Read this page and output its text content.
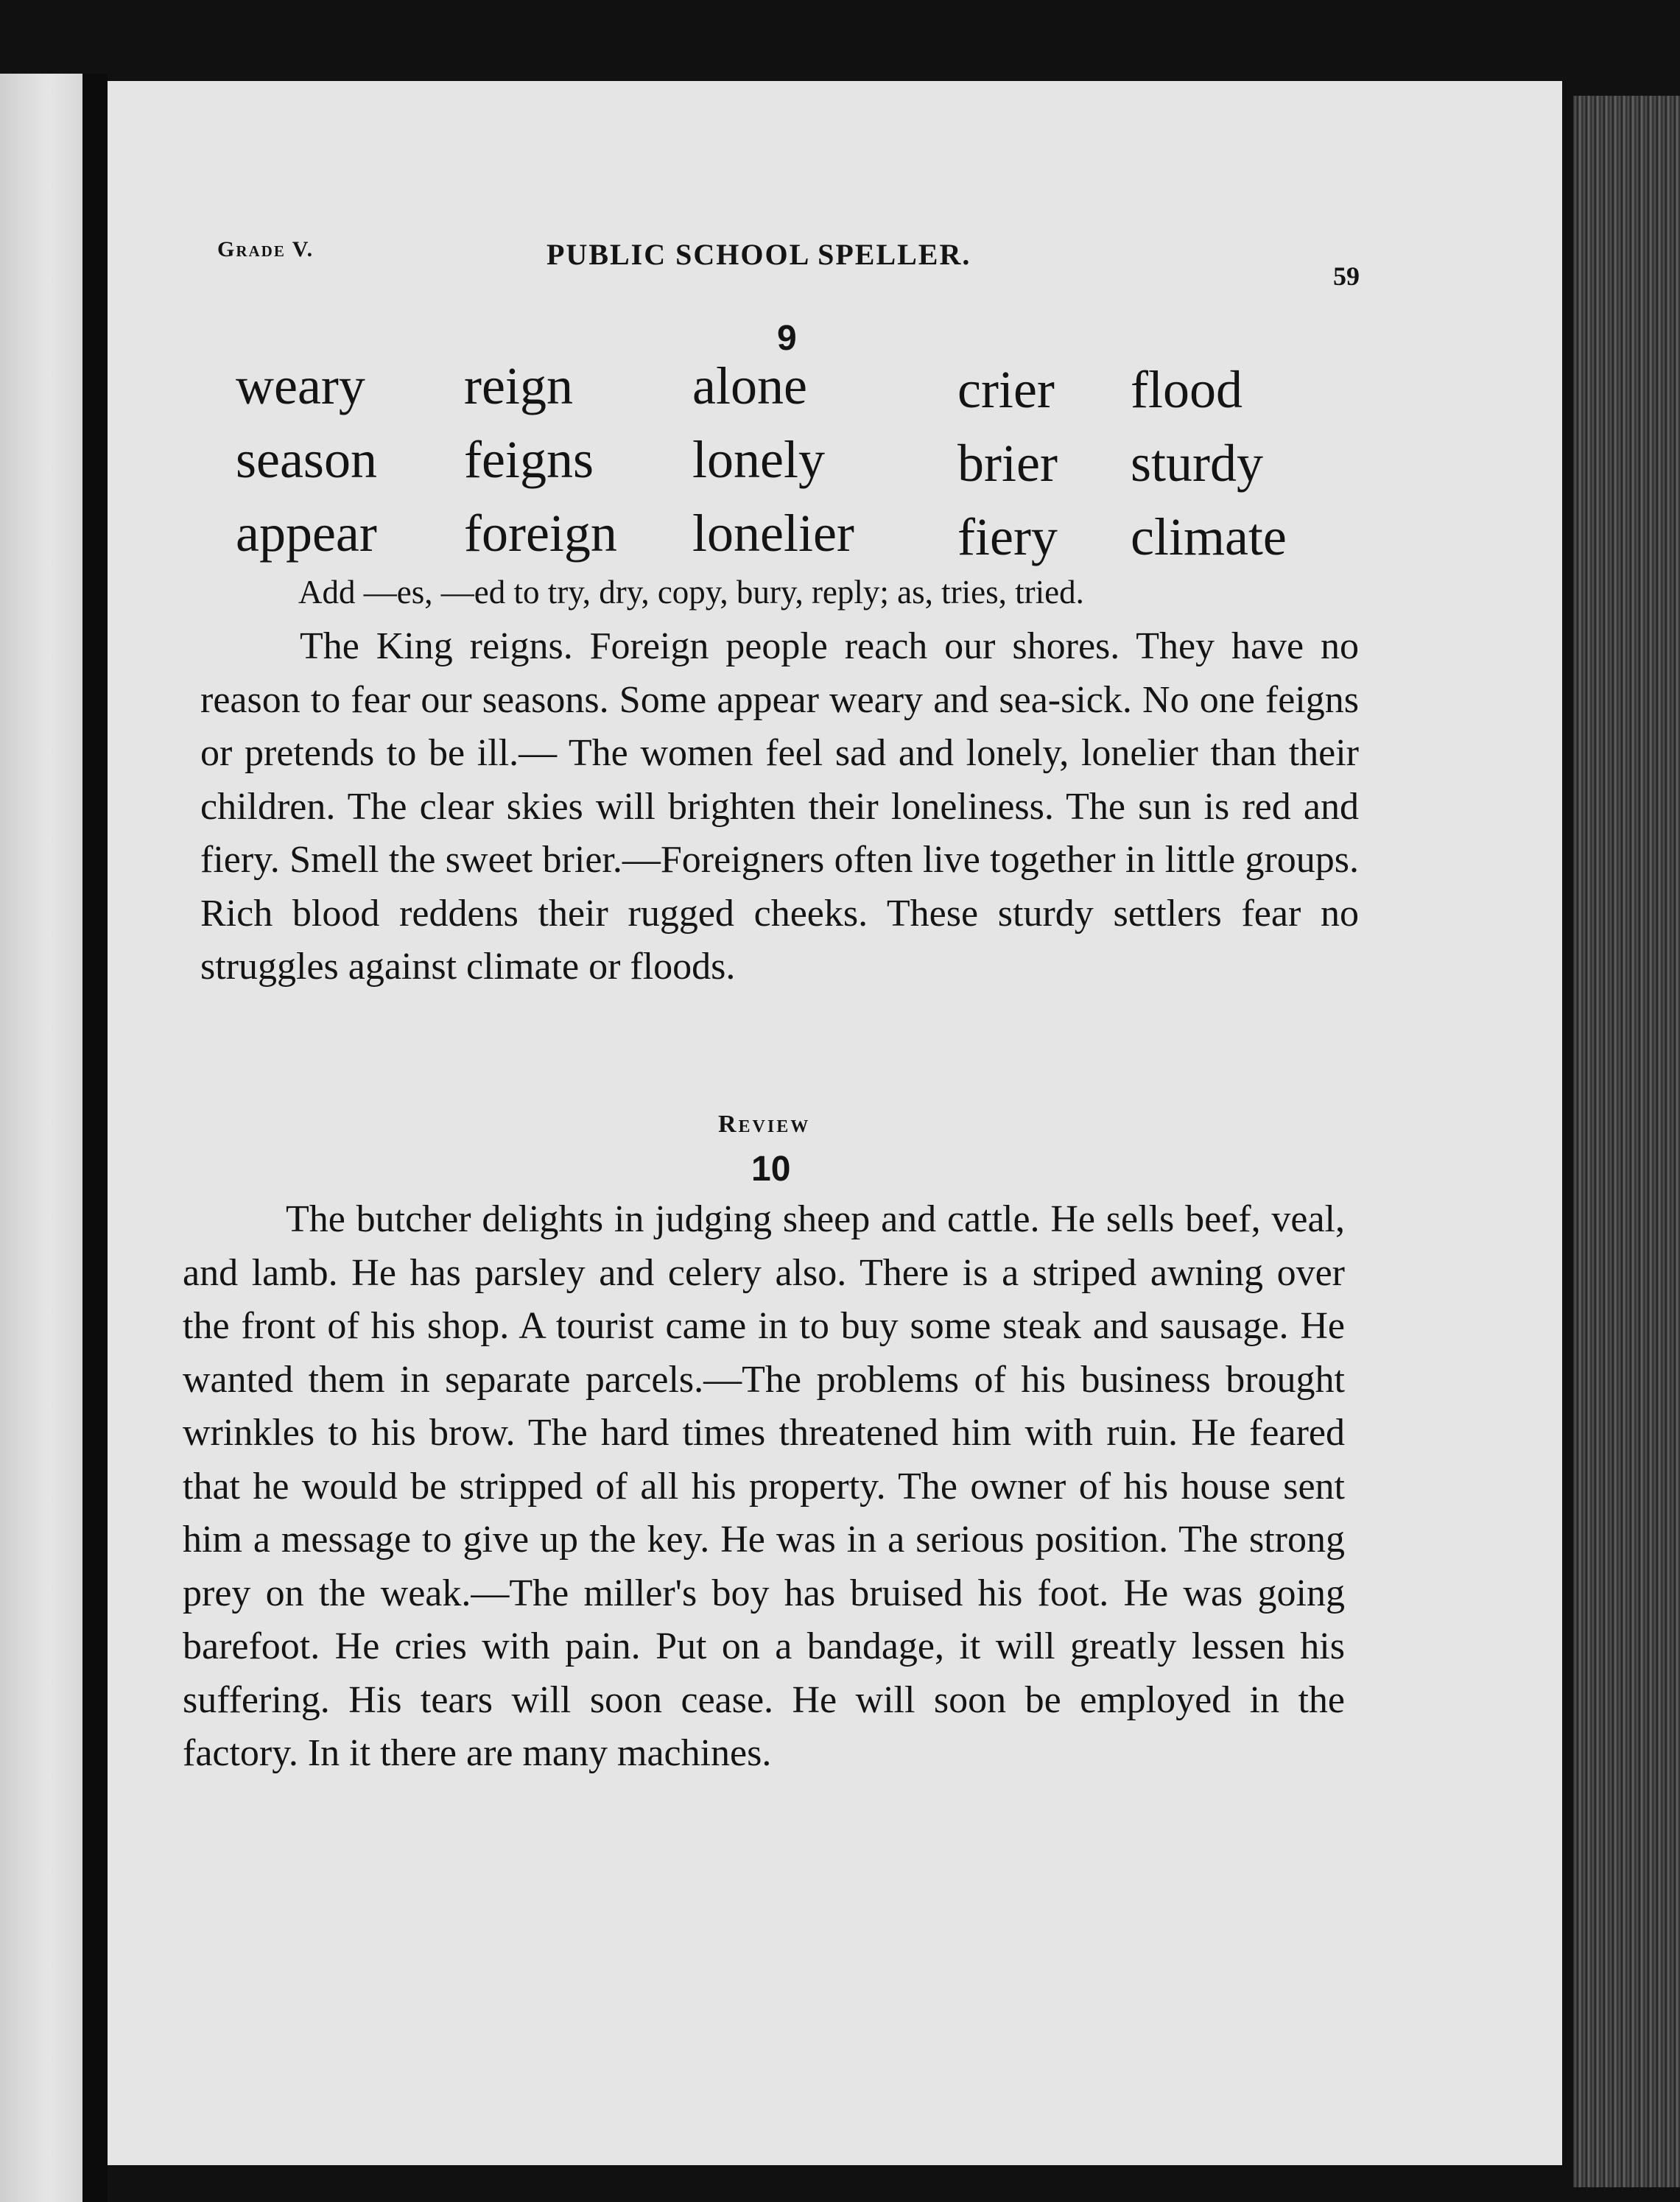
Grade V.	PUBLIC SCHOOL SPELLER.
59
9
weary
season
appear
reign
feigns
foreign
alone
lonely
lonelier
crier
brier
fiery
flood
sturdy
climate
Add —es, —ed to try, dry, copy, bury, reply; as, tries, tried.
The King reigns. Foreign people reach our shores. They have no reason to fear our seasons. Some appear weary and sea-sick. No one feigns or pretends to be ill.— The women feel sad and lonely, lonelier than their children. The clear skies will brighten their loneliness. The sun is red and fiery. Smell the sweet brier.—Foreigners often live together in little groups. Rich blood reddens their rugged cheeks. These sturdy settlers fear no struggles against climate or floods.
Review
10
The butcher delights in judging sheep and cattle. He sells beef, veal, and lamb. He has parsley and celery also. There is a striped awning over the front of his shop. A tourist came in to buy some steak and sausage. He wanted them in separate parcels.—The problems of his business brought wrinkles to his brow. The hard times threatened him with ruin. He feared that he would be stripped of all his property. The owner of his house sent him a message to give up the key. He was in a serious position. The strong prey on the weak.—The miller's boy has bruised his foot. He was going barefoot. He cries with pain. Put on a bandage, it will greatly lessen his suffering. His tears will soon cease. He will soon be employed in the factory. In it there are many machines.
